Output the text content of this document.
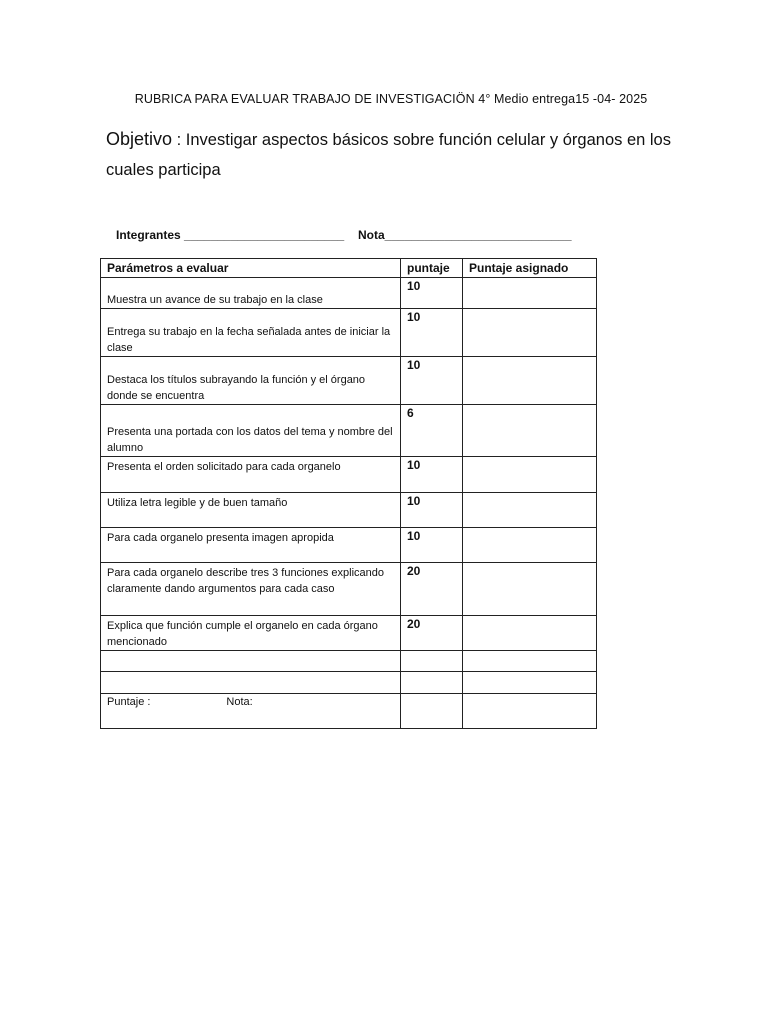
RUBRICA PARA EVALUAR TRABAJO DE INVESTIGACIÖN 4° Medio entrega15 -04- 2025
Objetivo : Investigar aspectos básicos sobre función celular y órganos en los cuales participa
Integrantes ________________________ Nota____________________________
Parámetros a evaluar	puntaje	Puntaje asignado
Muestra un avance de su trabajo en la clase	10	
Entrega su trabajo en la fecha señalada antes de iniciar la clase	10	
Destaca los títulos subrayando la función y el órgano donde se encuentra	10	
Presenta una portada con los datos del tema y nombre del alumno	6	
Presenta el orden solicitado para cada organelo	10	
Utiliza letra legible y de buen tamaño	10	
Para cada organelo presenta imagen apropida	10	
Para cada organelo describe tres 3 funciones explicando claramente dando argumentos para cada caso	20	
Explica que función cumple el organelo en cada órgano mencionado	20	

Puntaje : Nota:		
